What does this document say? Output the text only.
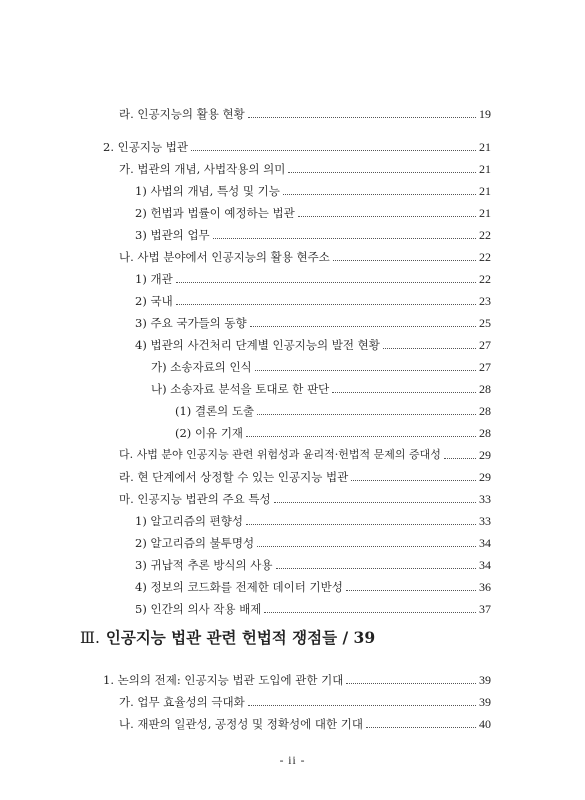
라. 인공지능의 활용 현황	19
2. 인공지능 법관	21
가. 법관의 개념, 사법작용의 의미	21
1) 사법의 개념, 특성 및 기능	21
2) 헌법과 법률이 예정하는 법관	21
3) 법관의 업무	22
나. 사법 분야에서 인공지능의 활용 현주소	22
1) 개관	22
2) 국내	23
3) 주요 국가들의 동향	25
4) 법관의 사건처리 단계별 인공지능의 발전 현황	27
가) 소송자료의 인식	27
나) 소송자료 분석을 토대로 한 판단	28
(1) 결론의 도출	28
(2) 이유 기재	28
다. 사법 분야 인공지능 관련 위험성과 윤리적·헌법적 문제의 증대성	29
라. 현 단계에서 상정할 수 있는 인공지능 법관	29
마. 인공지능 법관의 주요 특성	33
1) 알고리즘의 편향성	33
2) 알고리즘의 불투명성	34
3) 귀납적 추론 방식의 사용	34
4) 정보의 코드화를 전제한 데이터 기반성	36
5) 인간의 의사 작용 배제	37
Ⅲ. 인공지능 법관 관련 헌법적 쟁점들 / 39
1. 논의의 전제: 인공지능 법관 도입에 관한 기대	39
가. 업무 효율성의 극대화	39
나. 재판의 일관성, 공정성 및 정확성에 대한 기대	40
- ii -
